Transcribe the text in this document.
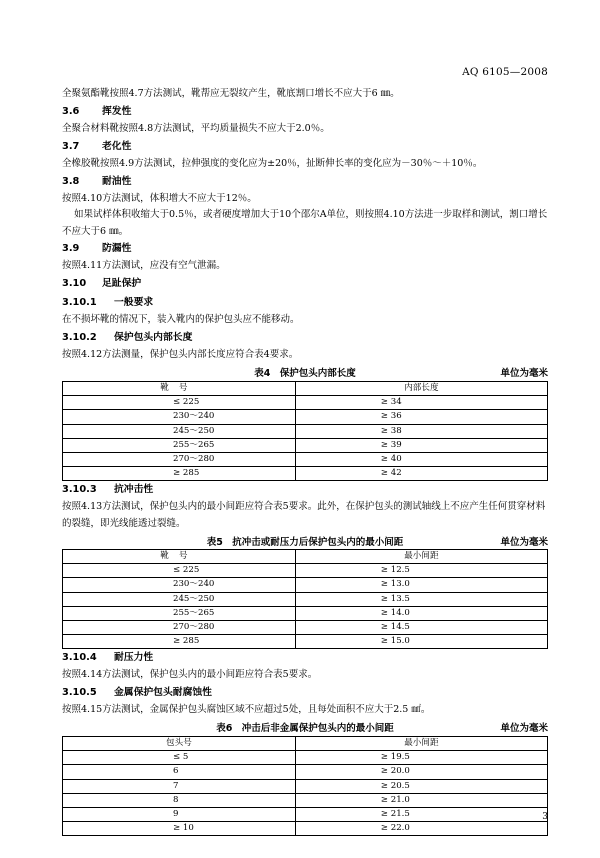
AQ 6105—2008
全聚氨酯靴按照4.7方法测试，靴帮应无裂纹产生，靴底割口增长不应大于6 ㎜。
3.6 挥发性
全聚合材料靴按照4.8方法测试，平均质量损失不应大于2.0％。
3.7 老化性
全橡胶靴按照4.9方法测试，拉伸强度的变化应为±20％，扯断伸长率的变化应为－30％～＋10％。
3.8 耐油性
按照4.10方法测试，体积增大不应大于12％。
如果试样体积收缩大于0.5％，或者硬度增加大于10个邵尔A单位，则按照4.10方法进一步取样和测试，割口增长不应大于6 ㎜。
3.9 防漏性
按照4.11方法测试，应没有空气泄漏。
3.10 足趾保护
3.10.1 一般要求
在不损坏靴的情况下，装入靴内的保护包头应不能移动。
3.10.2 保护包头内部长度
按照4.12方法测量，保护包头内部长度应符合表4要求。
表4　保护包头内部长度	单位为毫米
靴号	内部长度
≤ 225	≥ 34
230～240	≥ 36
245～250	≥ 38
255～265	≥ 39
270～280	≥ 40
≥ 285	≥ 42
3.10.3 抗冲击性
按照4.13方法测试，保护包头内的最小间距应符合表5要求。此外，在保护包头的测试轴线上不应产生任何贯穿材料的裂缝，即光线能透过裂缝。
表5　抗冲击或耐压力后保护包头内的最小间距	单位为毫米
靴号	最小间距
≤ 225	≥ 12.5
230～240	≥ 13.0
245～250	≥ 13.5
255～265	≥ 14.0
270～280	≥ 14.5
≥ 285	≥ 15.0
3.10.4 耐压力性
按照4.14方法测试，保护包头内的最小间距应符合表5要求。
3.10.5 金属保护包头耐腐蚀性
按照4.15方法测试，金属保护包头腐蚀区域不应超过5处，且每处面积不应大于2.5 ㎟。
表6　冲击后非金属保护包头内的最小间距	单位为毫米
包头号	最小间距
≤ 5	≥ 19.5
6	≥ 20.0
7	≥ 20.5
8	≥ 21.0
9	≥ 21.5
≥ 10	≥ 22.0
3
